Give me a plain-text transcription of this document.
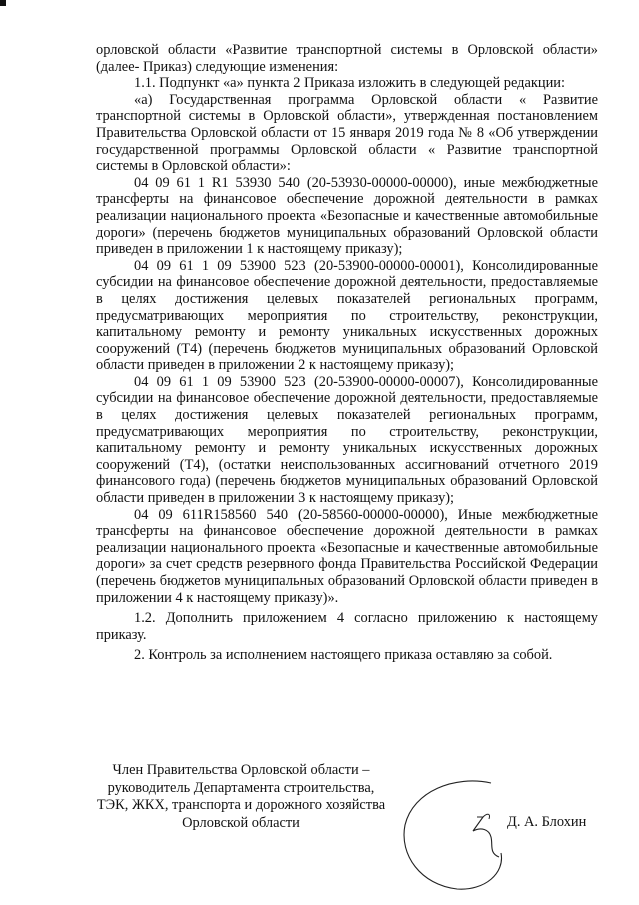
орловской области «Развитие транспортной системы в Орловской области» (далее- Приказ) следующие изменения:

1.1. Подпункт «а» пункта 2 Приказа изложить в следующей редакции:

«а) Государственная программа Орловской области « Развитие транспортной системы в Орловской области», утвержденная постановлением Правительства Орловской области от 15 января 2019 года № 8 «Об утверждении государственной программы Орловской области « Развитие транспортной системы в Орловской области»:

04 09 61 1 R1 53930 540 (20-53930-00000-00000), иные межбюджетные трансферты на финансовое обеспечение дорожной деятельности в рамках реализации национального проекта «Безопасные и качественные автомобильные дороги» (перечень бюджетов муниципальных образований Орловской области приведен в приложении 1 к настоящему приказу);

04 09 61 1 09 53900 523 (20-53900-00000-00001), Консолидированные субсидии на финансовое обеспечение дорожной деятельности, предоставляемые в целях достижения целевых показателей региональных программ, предусматривающих мероприятия по строительству, реконструкции, капитальному ремонту и ремонту уникальных искусственных дорожных сооружений (Т4) (перечень бюджетов муниципальных образований Орловской области приведен в приложении 2 к настоящему приказу);

04 09 61 1 09 53900 523 (20-53900-00000-00007), Консолидированные субсидии на финансовое обеспечение дорожной деятельности, предоставляемые в целях достижения целевых показателей региональных программ, предусматривающих мероприятия по строительству, реконструкции, капитальному ремонту и ремонту уникальных искусственных дорожных сооружений (Т4), (остатки неиспользованных ассигнований отчетного 2019 финансового года) (перечень бюджетов муниципальных образований Орловской области приведен в приложении 3 к настоящему приказу);

04 09 611R158560 540 (20-58560-00000-00000), Иные межбюджетные трансферты на финансовое обеспечение дорожной деятельности в рамках реализации национального проекта «Безопасные и качественные автомобильные дороги» за счет средств резервного фонда Правительства Российской Федерации (перечень бюджетов муниципальных образований Орловской области приведен в приложении 4 к настоящему приказу)».

1.2. Дополнить приложением 4 согласно приложению к настоящему приказу.

2. Контроль за исполнением настоящего приказа оставляю за собой.

Член Правительства Орловской области –
руководитель Департамента строительства,
ТЭК, ЖКХ, транспорта и дорожного хозяйства
Орловской области	Д. А. Блохин
